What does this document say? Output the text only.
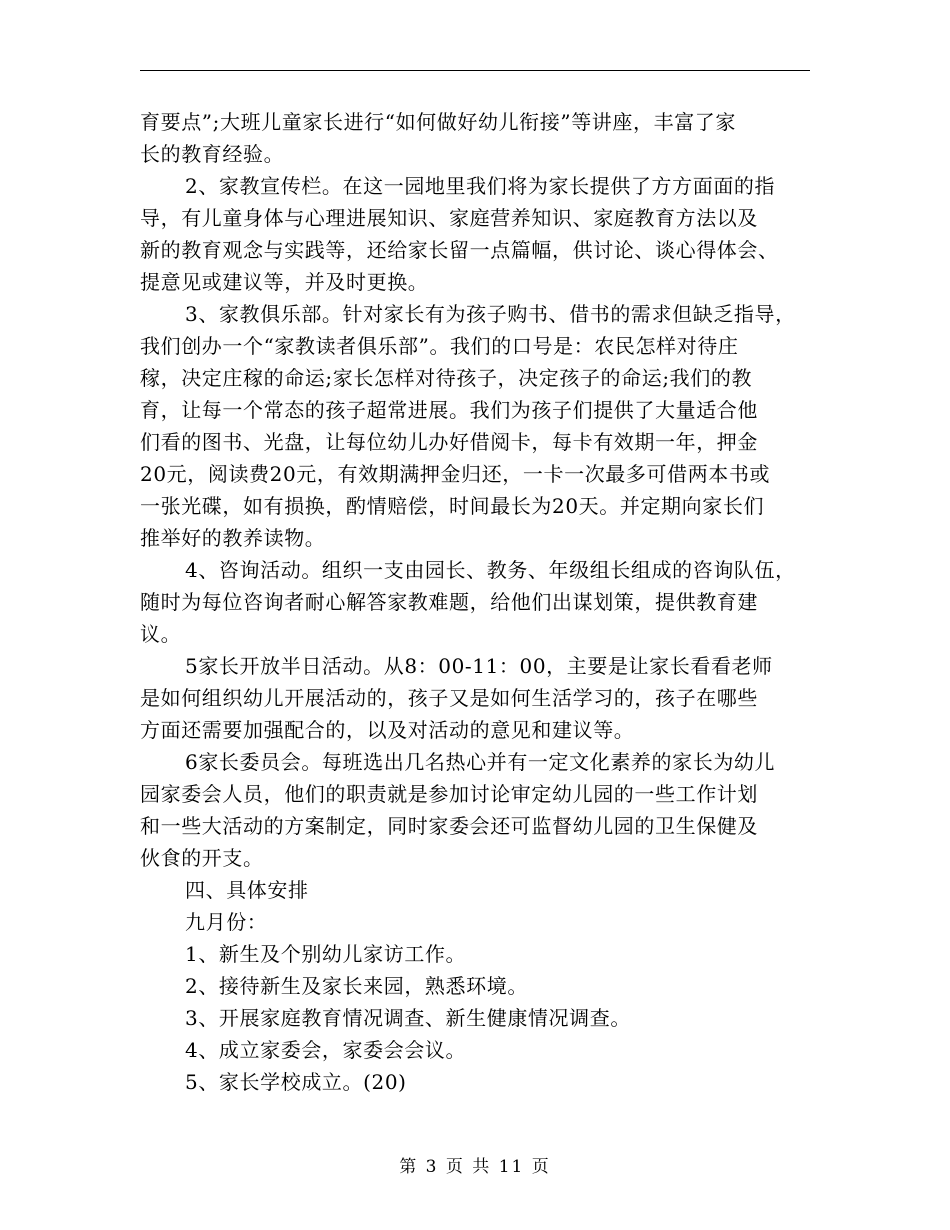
育要点”;大班儿童家长进行“如何做好幼儿衔接”等讲座，丰富了家
长的教育经验。
2、家教宣传栏。在这一园地里我们将为家长提供了方方面面的指
导，有儿童身体与心理进展知识、家庭营养知识、家庭教育方法以及
新的教育观念与实践等，还给家长留一点篇幅，供讨论、谈心得体会、
提意见或建议等，并及时更换。
3、家教俱乐部。针对家长有为孩子购书、借书的需求但缺乏指导，
我们创办一个“家教读者俱乐部”。我们的口号是：农民怎样对待庄
稼，决定庄稼的命运;家长怎样对待孩子，决定孩子的命运;我们的教
育，让每一个常态的孩子超常进展。我们为孩子们提供了大量适合他
们看的图书、光盘，让每位幼儿办好借阅卡，每卡有效期一年，押金
20元，阅读费20元，有效期满押金归还，一卡一次最多可借两本书或
一张光碟，如有损换，酌情赔偿，时间最长为20天。并定期向家长们
推举好的教养读物。
4、咨询活动。组织一支由园长、教务、年级组长组成的咨询队伍，
随时为每位咨询者耐心解答家教难题，给他们出谋划策，提供教育建
议。
5家长开放半日活动。从8：00-11：00，主要是让家长看看老师
是如何组织幼儿开展活动的，孩子又是如何生活学习的，孩子在哪些
方面还需要加强配合的，以及对活动的意见和建议等。
6家长委员会。每班选出几名热心并有一定文化素养的家长为幼儿
园家委会人员，他们的职责就是参加讨论审定幼儿园的一些工作计划
和一些大活动的方案制定，同时家委会还可监督幼儿园的卫生保健及
伙食的开支。
四、具体安排
九月份：
1、新生及个别幼儿家访工作。
2、接待新生及家长来园，熟悉环境。
3、开展家庭教育情况调查、新生健康情况调查。
4、成立家委会，家委会会议。
5、家长学校成立。(20)
第 3 页 共 11 页
